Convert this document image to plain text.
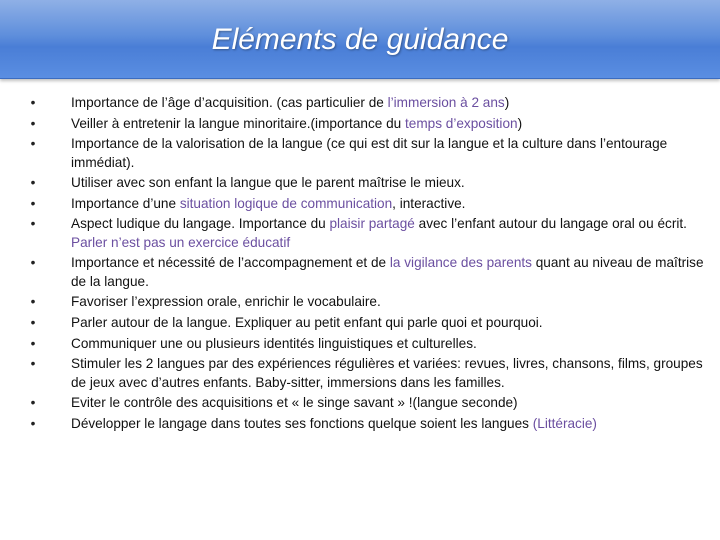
Eléments de guidance
•	Importance de l’âge d’acquisition. (cas particulier de l’immersion à 2 ans)
•	Veiller à entretenir la langue minoritaire.(importance du temps d’exposition)
•	Importance de la valorisation de la langue (ce qui est dit sur la langue et la culture dans l’entourage immédiat).
•	Utiliser avec son enfant la langue que le parent maîtrise le mieux.
•	Importance d’une situation logique de communication, interactive.
•	Aspect ludique du langage. Importance du plaisir partagé avec l’enfant autour du langage oral ou écrit. Parler n’est pas un exercice éducatif
•	Importance et nécessité de l’accompagnement et de la vigilance des parents quant au niveau de maîtrise de la langue.
•	Favoriser l’expression orale, enrichir le vocabulaire.
•	Parler autour de la langue. Expliquer au petit enfant qui parle quoi et pourquoi.
•	Communiquer une ou plusieurs identités linguistiques et culturelles.
•	Stimuler les 2 langues par des expériences régulières et variées: revues, livres, chansons, films, groupes de jeux avec d’autres enfants. Baby-sitter, immersions dans les familles.
•	Eviter le contrôle des acquisitions et « le singe savant » !(langue seconde)
•	Développer le langage dans toutes ses fonctions quelque soient les langues (Littéracie)
